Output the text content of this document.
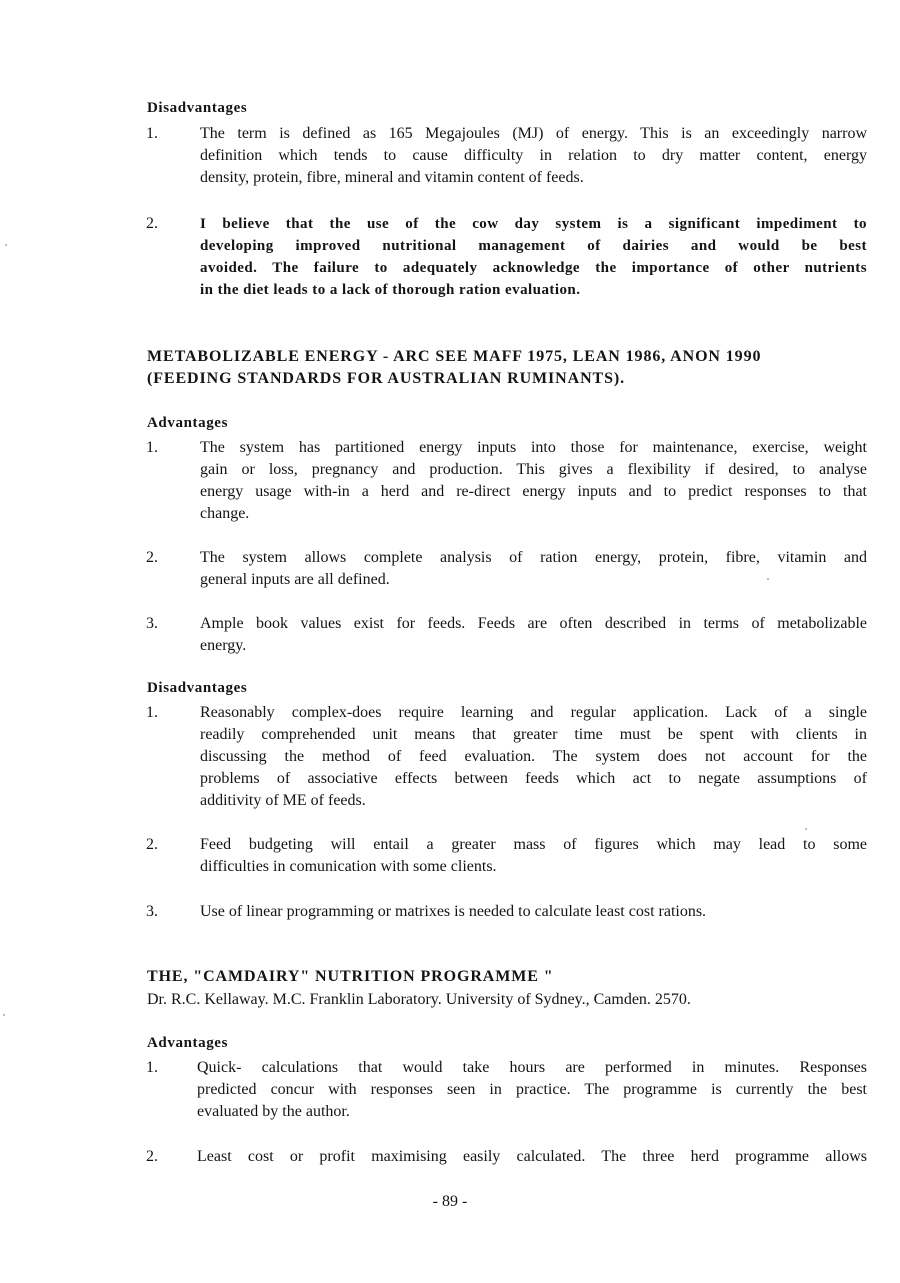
Disadvantages
1.	The term is defined as 165 Megajoules (MJ) of energy. This is an exceedingly narrow
definition which tends to cause difficulty in relation to dry matter content, energy
density, protein, fibre, mineral and vitamin content of feeds.
2.	I believe that the use of the cow day system is a significant impediment to
developing improved nutritional management of dairies and would be best
avoided. The failure to adequately acknowledge the importance of other nutrients
in the diet leads to a lack of thorough ration evaluation.
METABOLIZABLE ENERGY - ARC SEE MAFF 1975, LEAN 1986, ANON 1990
(FEEDING STANDARDS FOR AUSTRALIAN RUMINANTS).
Advantages
1.	The system has partitioned energy inputs into those for maintenance, exercise, weight
gain or loss, pregnancy and production. This gives a flexibility if desired, to analyse
energy usage with-in a herd and re-direct energy inputs and to predict responses to that
change.
2.	The system allows complete analysis of ration energy, protein, fibre, vitamin and
general inputs are all defined.
3.	Ample book values exist for feeds. Feeds are often described in terms of metabolizable
energy.
Disadvantages
1.	Reasonably complex-does require learning and regular application. Lack of a single
readily comprehended unit means that greater time must be spent with clients in
discussing the method of feed evaluation. The system does not account for the
problems of associative effects between feeds which act to negate assumptions of
additivity of ME of feeds.
2.	Feed budgeting will entail a greater mass of figures which may lead to some
difficulties in comunication with some clients.
3.	Use of linear programming or matrixes is needed to calculate least cost rations.
THE, "CAMDAIRY" NUTRITION PROGRAMME "
Dr. R.C. Kellaway. M.C. Franklin Laboratory. University of Sydney., Camden. 2570.
Advantages
1. Quick- calculations that would take hours are performed in minutes. Responses
predicted concur with responses seen in practice. The programme is currently the best
evaluated by the author.
2. Least cost or profit maximising easily calculated. The three herd programme allows
- 89 -
